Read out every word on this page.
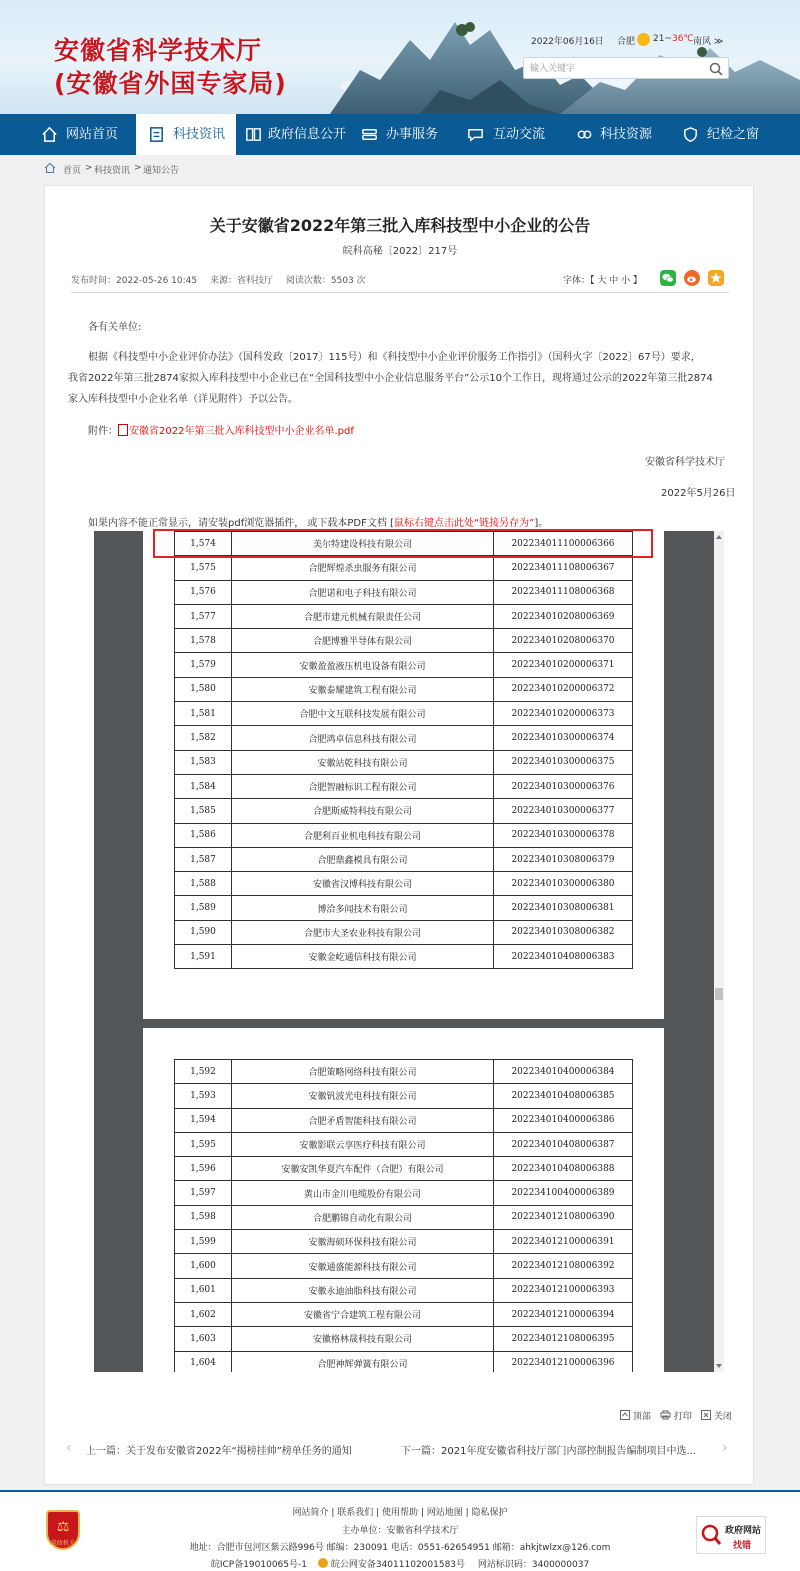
安徽省科学技术厅
(安徽省外国专家局)
2022年06月16日 合肥 21~36℃ 南风 ≫
输入关键字
网站首页	科技资讯	政府信息公开	办事服务	互动交流	科技资源	纪检之窗
首页 > 科技资讯 > 通知公告
关于安徽省2022年第三批入库科技型中小企业的公告
皖科高秘〔2022〕217号
发布时间：2022-05-26 10:45 来源：省科技厅 阅读次数：5503 次	字体：【 大 中 小 】
各有关单位:
根据《科技型中小企业评价办法》（国科发政〔2017〕115号）和《科技型中小企业评价服务工作指引》（国科火字〔2022〕67号）要求，
我省2022年第三批2874家拟入库科技型中小企业已在“全国科技型中小企业信息服务平台”公示10个工作日，现将通过公示的2022年第三批2874
家入库科技型中小企业名单（详见附件）予以公告。
附件： 安徽省2022年第三批入库科技型中小企业名单.pdf
安徽省科学技术厅
2022年5月26日
如果内容不能正常显示，请安装pdf浏览器插件， 或下载本PDF文档 [鼠标右键点击此处“链接另存为”]。
1,574	美尔特建设科技有限公司	202234011100006366
1,575	合肥辉煌杀虫服务有限公司	202234011108006367
1,576	合肥诺和电子科技有限公司	202234011108006368
1,577	合肥市建元机械有限责任公司	202234010208006369
1,578	合肥博雅半导体有限公司	202234010208006370
1,579	安徽盈盈液压机电设备有限公司	202234010200006371
1,580	安徽泰耀建筑工程有限公司	202234010200006372
1,581	合肥中文互联科技发展有限公司	202234010200006373
1,582	合肥鸿卓信息科技有限公司	202234010300006374
1,583	安徽站乾科技有限公司	202234010300006375
1,584	合肥智融标识工程有限公司	202234010300006376
1,585	合肥斯威特科技有限公司	202234010300006377
1,586	合肥利百业机电科技有限公司	202234010300006378
1,587	合肥鼎鑫模具有限公司	202234010308006379
1,588	安徽省汉博科技有限公司	202234010300006380
1,589	博洽多闻技术有限公司	202234010308006381
1,590	合肥市大圣农业科技有限公司	202234010308006382
1,591	安徽金屹通信科技有限公司	202234010408006383
1,592	合肥策略网络科技有限公司	202234010400006384
1,593	安徽钒波光电科技有限公司	202234010408006385
1,594	合肥矛盾智能科技有限公司	202234010400006386
1,595	安徽影联云享医疗科技有限公司	202234010408006387
1,596	安徽安凯华夏汽车配件（合肥）有限公司	202234010408006388
1,597	黄山市金川电缆股份有限公司	202234100400006389
1,598	合肥鹏锦自动化有限公司	202234012108006390
1,599	安徽海硕环保科技有限公司	202234012100006391
1,600	安徽通盛能源科技有限公司	202234012108006392
1,601	安徽永迪油脂科技有限公司	202234012100006393
1,602	安徽省宁合建筑工程有限公司	202234012100006394
1,603	安徽格林晟科技有限公司	202234012108006395
1,604	合肥神辉弹簧有限公司	202234012100006396
顶部	打印	关闭
‹ 上一篇：关于发布安徽省2022年“揭榜挂帅”榜单任务的通知	下一篇：2021年度安徽省科技厅部门内部控制报告编制项目中选... ›
网站简介 | 联系我们 | 使用帮助 | 网站地图 | 隐私保护
主办单位：安徽省科学技术厅
地址：合肥市包河区紫云路996号 邮编：230091 电话：0551-62654951 邮箱：ahkjtwlzx@126.com
皖ICP备19010065号-1	皖公网安备34011102001583号 网站标识码：3400000037
⚖
党政机关
政府网站
找错
